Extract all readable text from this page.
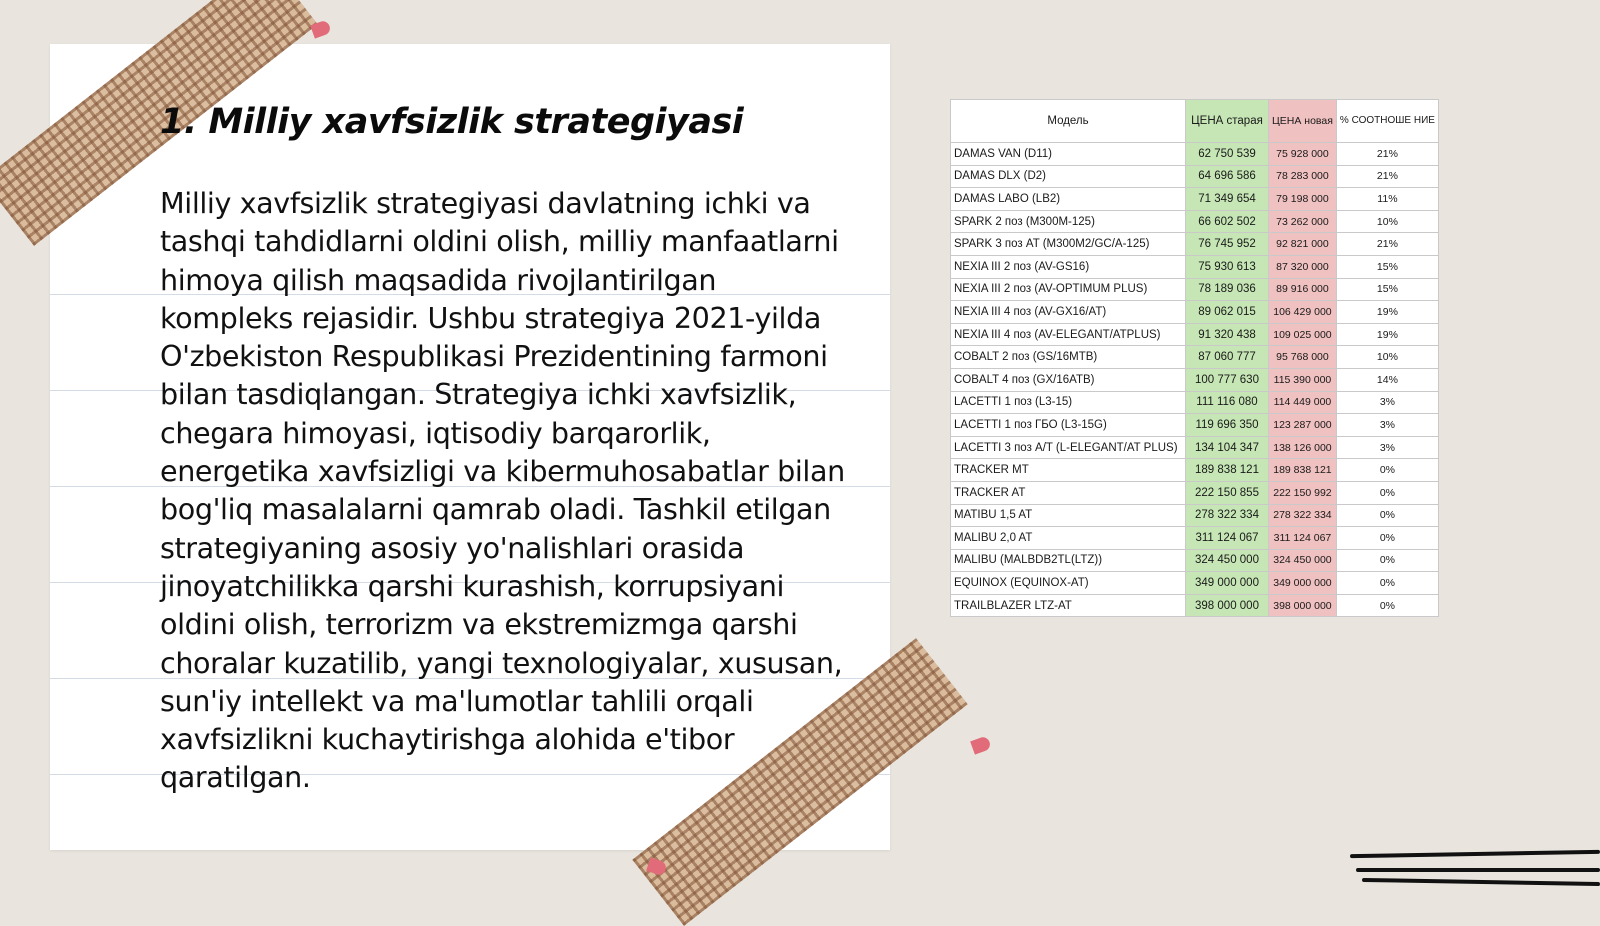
1. Milliy xavfsizlik strategiyasi

Milliy xavfsizlik strategiyasi davlatning ichki va tashqi tahdidlarni oldini olish, milliy manfaatlarni himoya qilish maqsadida rivojlantirilgan kompleks rejasidir. Ushbu strategiya 2021-yilda O'zbekiston Respublikasi Prezidentining farmoni bilan tasdiqlangan. Strategiya ichki xavfsizlik, chegara himoyasi, iqtisodiy barqarorlik, energetika xavfsizligi va kibermuhosabatlar bilan bog'liq masalalarni qamrab oladi. Tashkil etilgan strategiyaning asosiy yo'nalishlari orasida jinoyatchilikka qarshi kurashish, korrupsiyani oldini olish, terrorizm va ekstremizmga qarshi choralar kuzatilib, yangi texnologiyalar, xususan, sun'iy intellekt va ma'lumotlar tahlili orqali xavfsizlikni kuchaytirishga alohida e'tibor qaratilgan.

Модель	ЦЕНА старая	ЦЕНА новая	% СООТНОШЕ НИЕ
DAMAS VAN (D11)	62 750 539	75 928 000	21%
DAMAS DLX (D2)	64 696 586	78 283 000	21%
DAMAS LABO (LB2)	71 349 654	79 198 000	11%
SPARK 2 поз (M300M-125)	66 602 502	73 262 000	10%
SPARK 3 поз AT (M300M2/GC/A-125)	76 745 952	92 821 000	21%
NEXIA III 2 поз (AV-GS16)	75 930 613	87 320 000	15%
NEXIA III 2 поз (AV-OPTIMUM PLUS)	78 189 036	89 916 000	15%
NEXIA III 4 поз (AV-GX16/AT)	89 062 015	106 429 000	19%
NEXIA III 4 поз (AV-ELEGANT/ATPLUS)	91 320 438	109 025 000	19%
COBALT 2 поз (GS/16MTB)	87 060 777	95 768 000	10%
COBALT 4 поз (GX/16ATB)	100 777 630	115 390 000	14%
LACETTI 1 поз (L3-15)	111 116 080	114 449 000	3%
LACETTI 1 поз ГБО (L3-15G)	119 696 350	123 287 000	3%
LACETTI 3 поз A/T (L-ELEGANT/AT PLUS)	134 104 347	138 126 000	3%
TRACKER MT	189 838 121	189 838 121	0%
TRACKER AT	222 150 855	222 150 992	0%
MATIBU 1,5 AT	278 322 334	278 322 334	0%
MALIBU 2,0 AT	311 124 067	311 124 067	0%
MALIBU (MALBDB2TL(LTZ))	324 450 000	324 450 000	0%
EQUINOX (EQUINOX-AT)	349 000 000	349 000 000	0%
TRAILBLAZER LTZ-AT	398 000 000	398 000 000	0%
